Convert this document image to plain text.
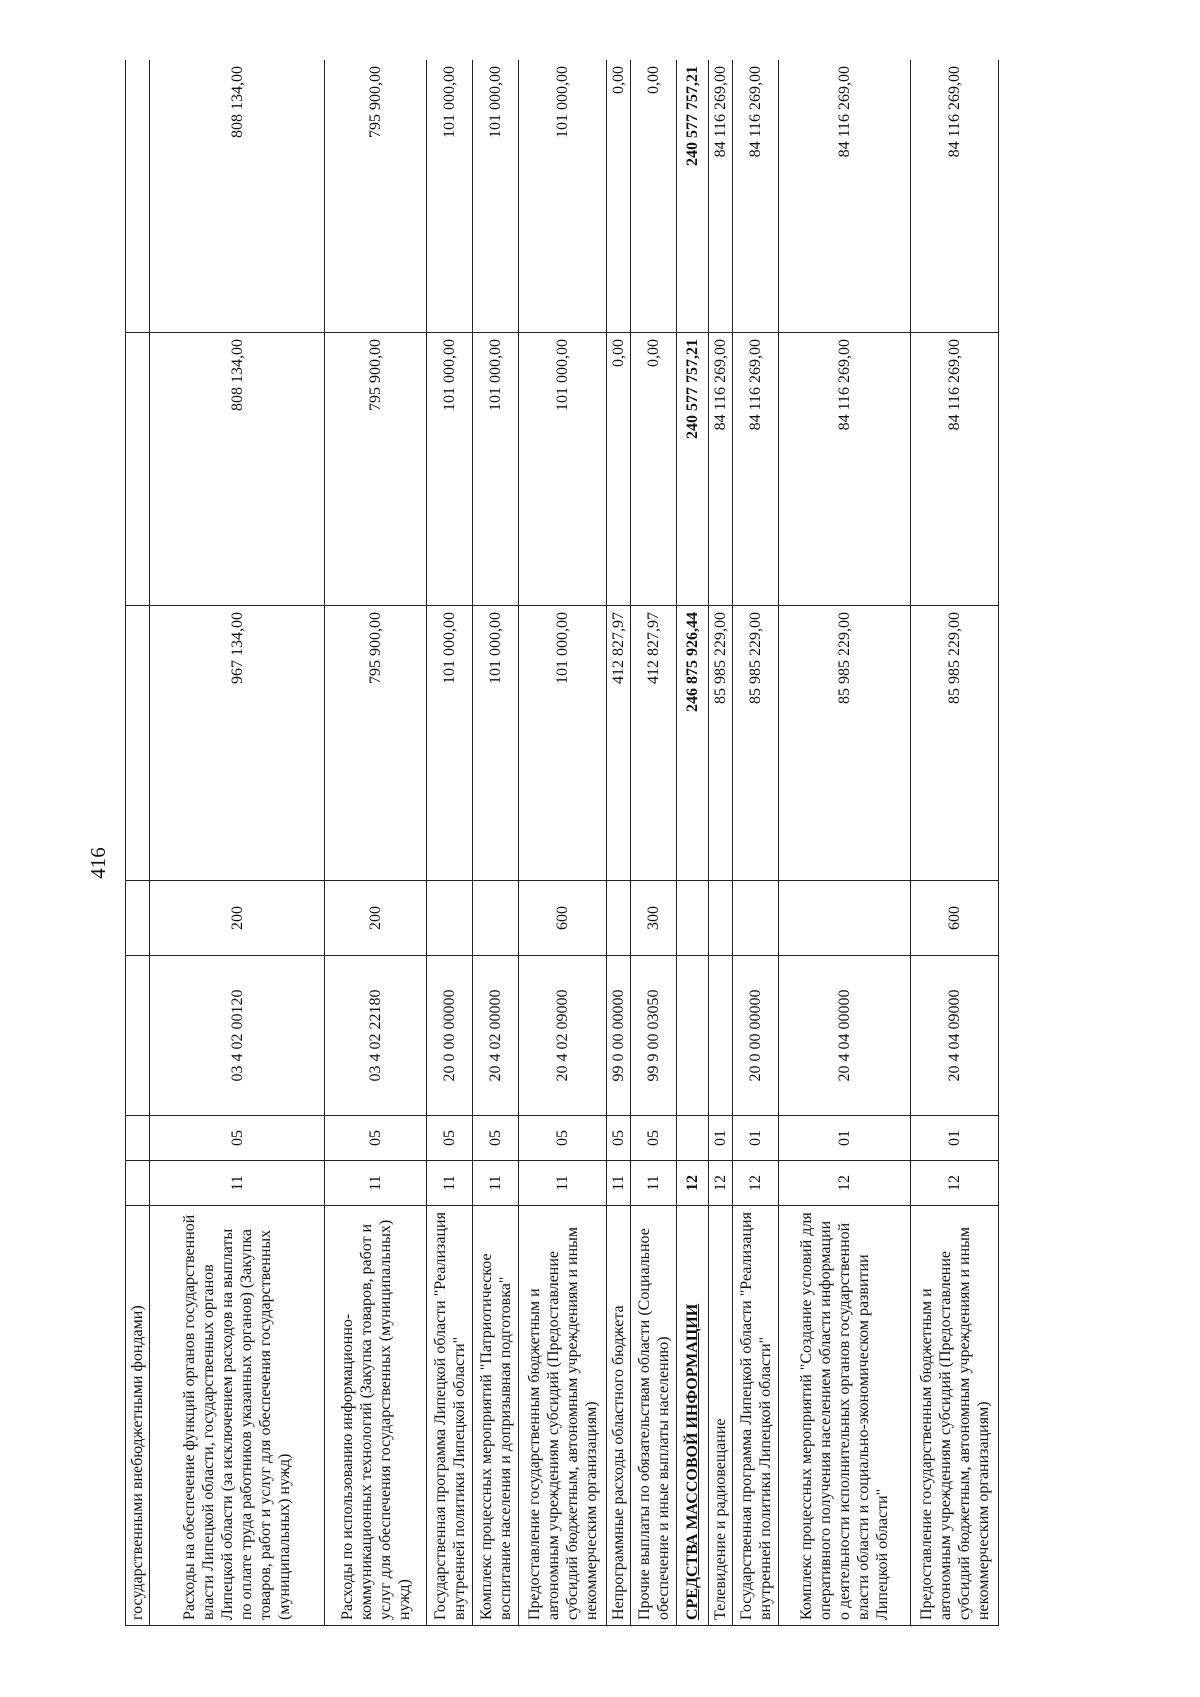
416
государственными внебюджетными фондами)							
Расходы на обеспечение функций органов государственной власти Липецкой области, государственных органов Липецкой области (за исключением расходов на выплаты по оплате труда работников указанных органов) (Закупка товаров, работ и услуг для обеспечения государственных (муниципальных) нужд)	11	05	03 4 02 00120	200	967 134,00	808 134,00	808 134,00
Расходы по использованию информационно-коммуникационных технологий (Закупка товаров, работ и услуг для обеспечения государственных (муниципальных) нужд)	11	05	03 4 02 22180	200	795 900,00	795 900,00	795 900,00
Государственная программа Липецкой области "Реализация внутренней политики Липецкой области"	11	05	20 0 00 00000		101 000,00	101 000,00	101 000,00
Комплекс процессных мероприятий "Патриотическое воспитание населения и допризывная подготовка"	11	05	20 4 02 00000		101 000,00	101 000,00	101 000,00
Предоставление государственным бюджетным и автономным учреждениям субсидий (Предоставление субсидий бюджетным, автономным учреждениям и иным некоммерческим организациям)	11	05	20 4 02 09000	600	101 000,00	101 000,00	101 000,00
Непрограммные расходы областного бюджета	11	05	99 0 00 00000		412 827,97	0,00	0,00
Прочие выплаты по обязательствам области (Социальное обеспечение и иные выплаты населению)	11	05	99 9 00 03050	300	412 827,97	0,00	0,00
СРЕДСТВА МАССОВОЙ ИНФОРМАЦИИ	12				246 875 926,44	240 577 757,21	240 577 757,21
Телевидение и радиовещание	12	01			85 985 229,00	84 116 269,00	84 116 269,00
Государственная программа Липецкой области "Реализация внутренней политики Липецкой области"	12	01	20 0 00 00000		85 985 229,00	84 116 269,00	84 116 269,00
Комплекс процессных мероприятий "Создание условий для оперативного получения населением области информации о деятельности исполнительных органов государственной власти области и социально-экономическом развитии Липецкой области"	12	01	20 4 04 00000		85 985 229,00	84 116 269,00	84 116 269,00
Предоставление государственным бюджетным и автономным учреждениям субсидий (Предоставление субсидий бюджетным, автономным учреждениям и иным некоммерческим организациям)	12	01	20 4 04 09000	600	85 985 229,00	84 116 269,00	84 116 269,00
